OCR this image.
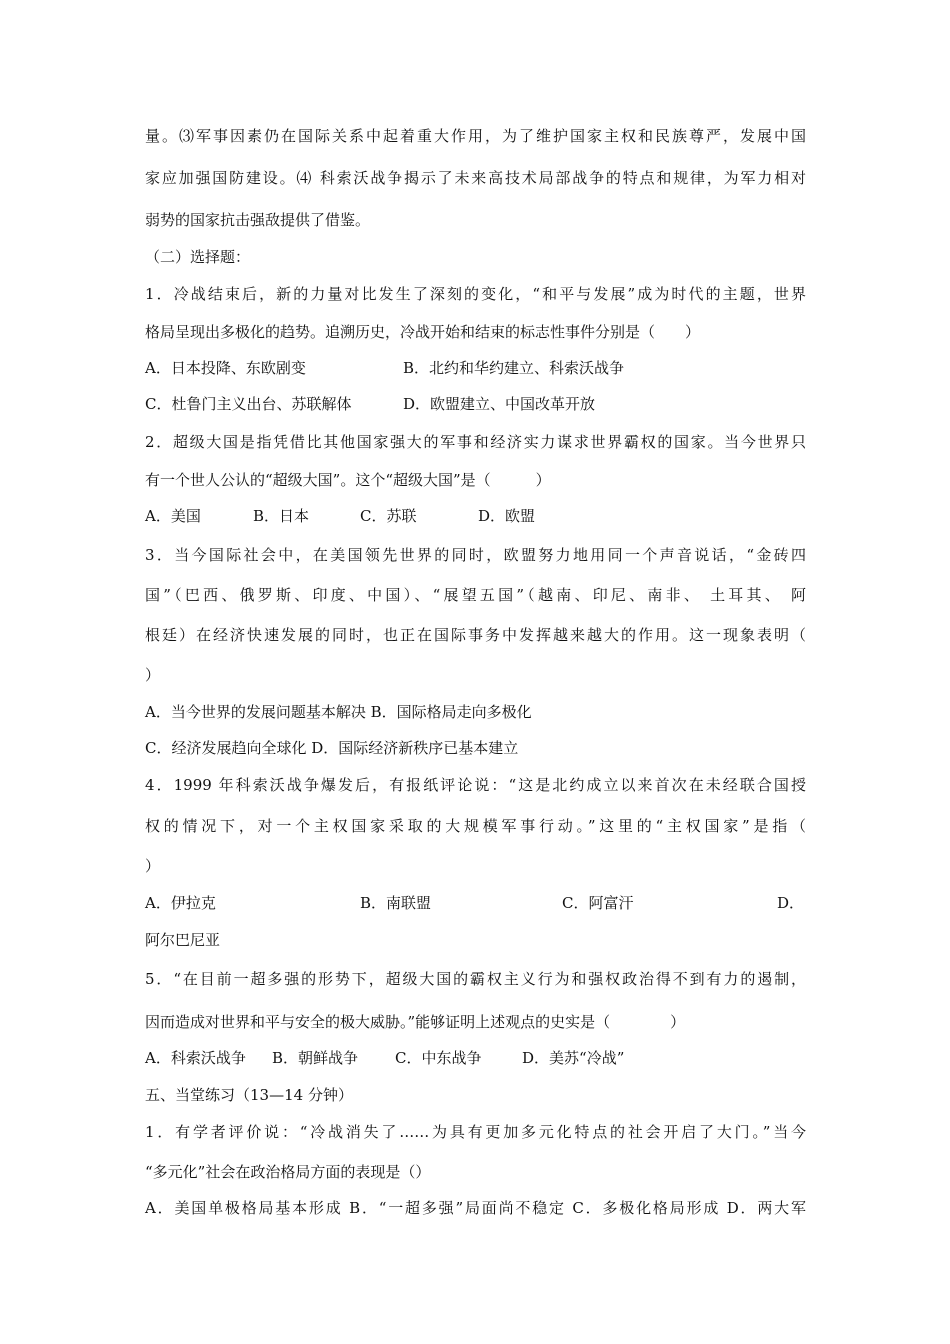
量。⑶军事因素仍在国际关系中起着重大作用，为了维护国家主权和民族尊严，发展中国
家应加强国防建设。⑷ 科索沃战争揭示了未来高技术局部战争的特点和规律，为军力相对
弱势的国家抗击强敌提供了借鉴。
（二）选择题：
1．冷战结束后，新的力量对比发生了深刻的变化，“和平与发展”成为时代的主题，世界
格局呈现出多极化的趋势。追溯历史，冷战开始和结束的标志性事件分别是（　　）

A．日本投降、东欧剧变

	B．北约和华约建立、科索沃战争

C．杜鲁门主义出台、苏联解体

	D．欧盟建立、中国改革开放

2．超级大国是指凭借比其他国家强大的军事和经济实力谋求世界霸权的国家。当今世界只
有一个世人公认的“超级大国”。这个“超级大国”是（　　　）

A．美国

	B．日本

	C．苏联

	D．欧盟

3．当今国际社会中，在美国领先世界的同时，欧盟努力地用同一个声音说话，“金砖四
国”（巴西、俄罗斯、印度、中国）、“展望五国”（越南、印尼、南非、 土耳其、 阿
根廷）在经济快速发展的同时，也正在国际事务中发挥越来越大的作用。这一现象表明（
）
A．当今世界的发展问题基本解决 B．国际格局走向多极化
C．经济发展趋向全球化 D．国际经济新秩序已基本建立
4．1999 年科索沃战争爆发后，有报纸评论说：“这是北约成立以来首次在未经联合国授
权的情况下，对一个主权国家采取的大规模军事行动。”这里的“主权国家”是指（
）

A．伊拉克

	B．南联盟

	C．阿富汗

	D．

阿尔巴尼亚
5．“在目前一超多强的形势下，超级大国的霸权主义行为和强权政治得不到有力的遏制，
因而造成对世界和平与安全的极大威胁。”能够证明上述观点的史实是（　　　　）

A．科索沃战争

B．朝鲜战争

C．中东战争

	D．美苏“冷战”

五、当堂练习（13—14 分钟）
1．有学者评价说：“冷战消失了……为具有更加多元化特点的社会开启了大门。”当今
“多元化”社会在政治格局方面的表现是（）
A．美国单极格局基本形成 B．“一超多强”局面尚不稳定 C．多极化格局形成 D．两大军
